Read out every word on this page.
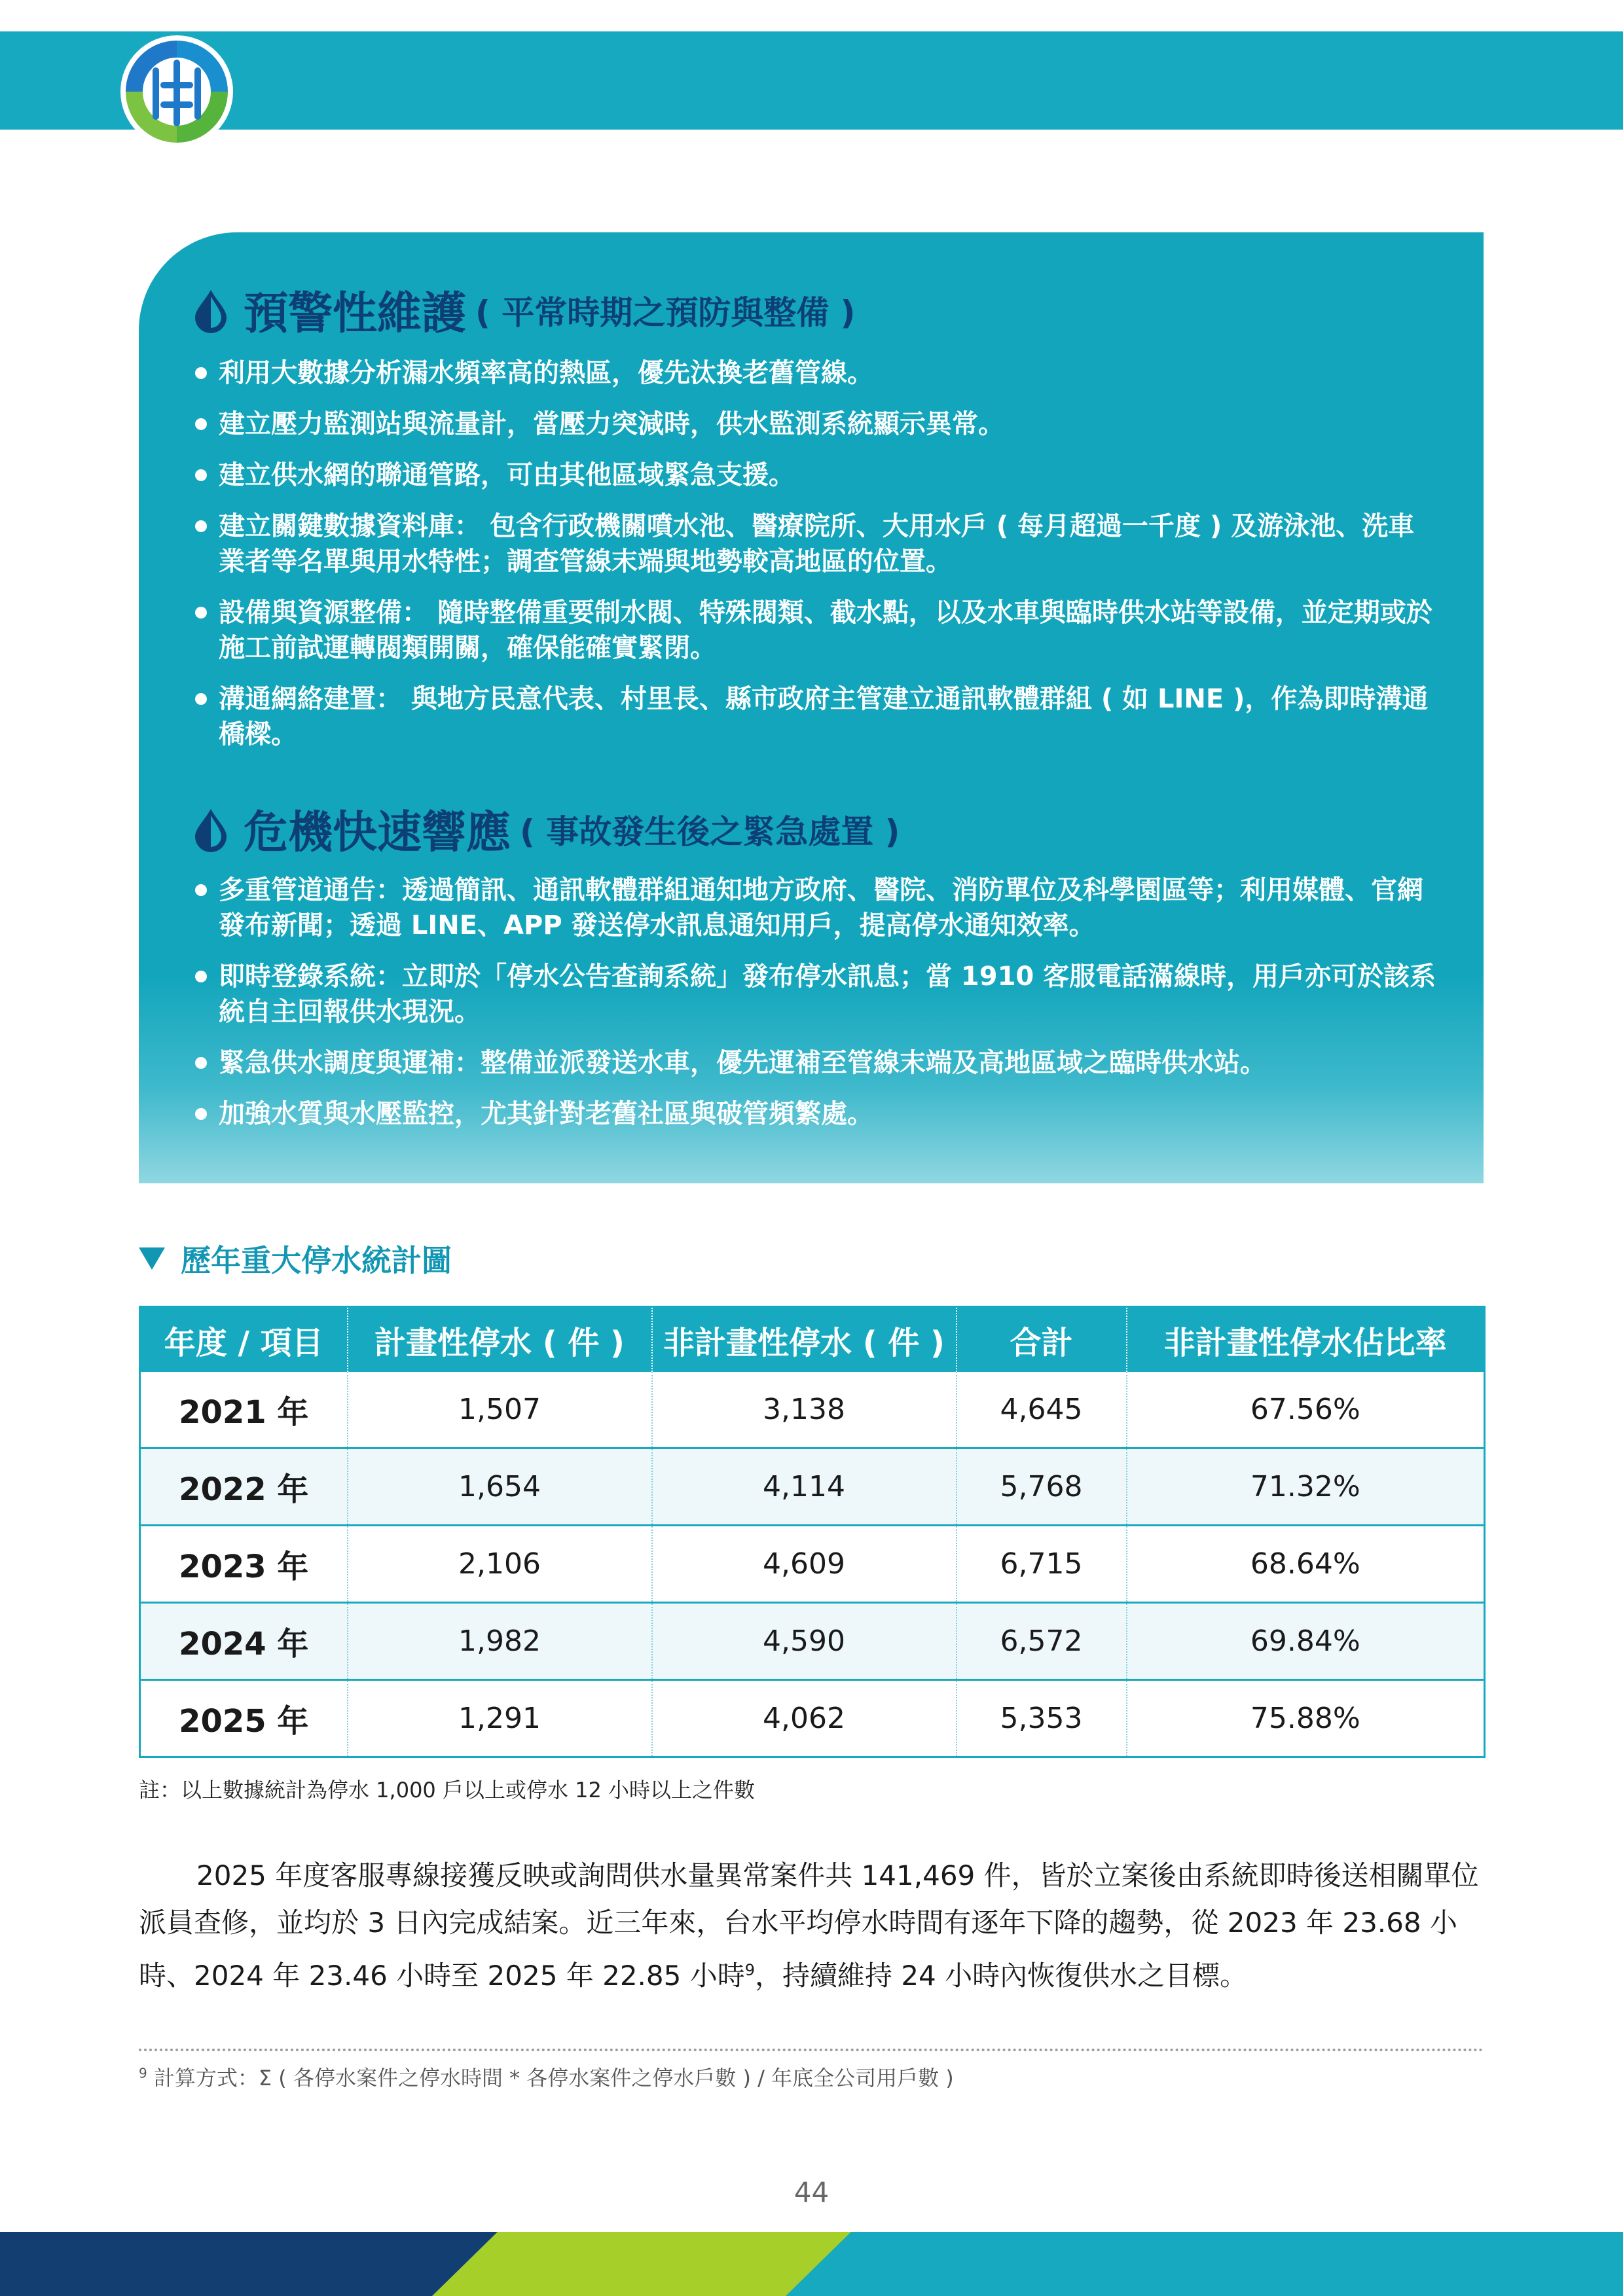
預警性維護 ( 平常時期之預防與整備 )
利用大數據分析漏水頻率高的熱區，優先汰換老舊管線。
建立壓力監測站與流量計，當壓力突減時，供水監測系統顯示異常。
建立供水網的聯通管路，可由其他區域緊急支援。
建立關鍵數據資料庫： 包含行政機關噴水池、醫療院所、大用水戶 ( 每月超過一千度 ) 及游泳池、洗車業者等名單與用水特性；調查管線末端與地勢較高地區的位置。
設備與資源整備： 隨時整備重要制水閥、特殊閥類、截水點，以及水車與臨時供水站等設備，並定期或於施工前試運轉閥類開關，確保能確實緊閉。
溝通網絡建置： 與地方民意代表、村里長、縣市政府主管建立通訊軟體群組 ( 如 LINE )，作為即時溝通橋樑。
危機快速響應 ( 事故發生後之緊急處置 )
多重管道通告：透過簡訊、通訊軟體群組通知地方政府、醫院、消防單位及科學園區等；利用媒體、官網發布新聞；透過 LINE、APP 發送停水訊息通知用戶，提高停水通知效率。
即時登錄系統：立即於「停水公告查詢系統」發布停水訊息；當 1910 客服電話滿線時，用戶亦可於該系統自主回報供水現況。
緊急供水調度與運補：整備並派發送水車，優先運補至管線末端及高地區域之臨時供水站。
加強水質與水壓監控，尤其針對老舊社區與破管頻繁處。
歷年重大停水統計圖
年度 / 項目	計畫性停水 ( 件 )	非計畫性停水 ( 件 )	合計	非計畫性停水佔比率
2021 年	1,507	3,138	4,645	67.56%
2022 年	1,654	4,114	5,768	71.32%
2023 年	2,106	4,609	6,715	68.64%
2024 年	1,982	4,590	6,572	69.84%
2025 年	1,291	4,062	5,353	75.88%
註：以上數據統計為停水 1,000 戶以上或停水 12 小時以上之件數

2025 年度客服專線接獲反映或詢問供水量異常案件共 141,469 件，皆於立案後由系統即時後送相關單位派員查修，並均於 3 日內完成結案。近三年來，台水平均停水時間有逐年下降的趨勢，從 2023 年 23.68 小時、2024 年 23.46 小時至 2025 年 22.85 小時$^9$，持續維持 24 小時內恢復供水之目標。

$^9$ 計算方式：Σ ( 各停水案件之停水時間 * 各停水案件之停水戶數 ) / 年底全公司用戶數 )
44
